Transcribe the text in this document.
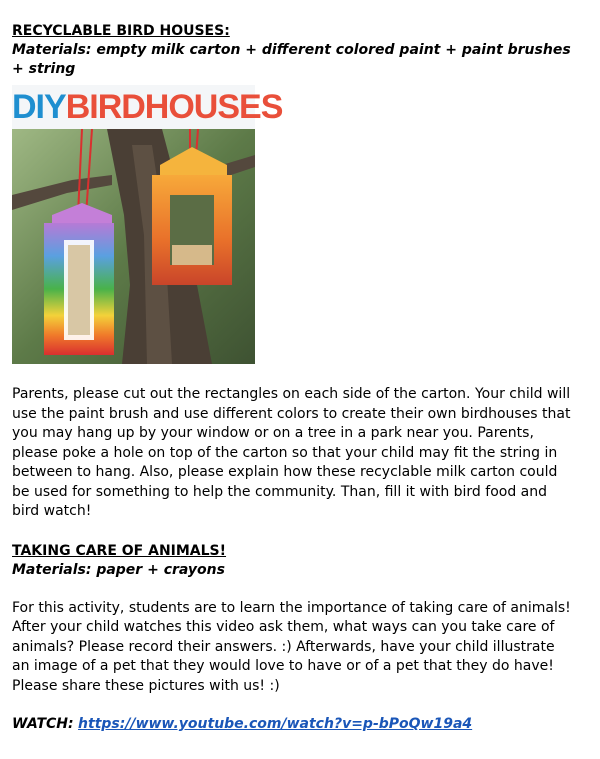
RECYCLABLE BIRD HOUSES:

Materials: empty milk carton + different colored paint + paint brushes + string

DIYBIRDHOUSES

Parents, please cut out the rectangles on each side of the carton. Your child will use the paint brush and use different colors to create their own birdhouses that you may hang up by your window or on a tree in a park near you. Parents, please poke a hole on top of the carton so that your child may fit the string in between to hang. Also, please explain how these recyclable milk carton could be used for something to help the community. Than, fill it with bird food and bird watch!

TAKING CARE OF ANIMALS!

Materials: paper + crayons

For this activity, students are to learn the importance of taking care of animals! After your child watches this video ask them, what ways can you take care of animals? Please record their answers. :) Afterwards, have your child illustrate an image of a pet that they would love to have or of a pet that they do have! Please share these pictures with us! :)

WATCH: https://www.youtube.com/watch?v=p-bPoQw19a4
